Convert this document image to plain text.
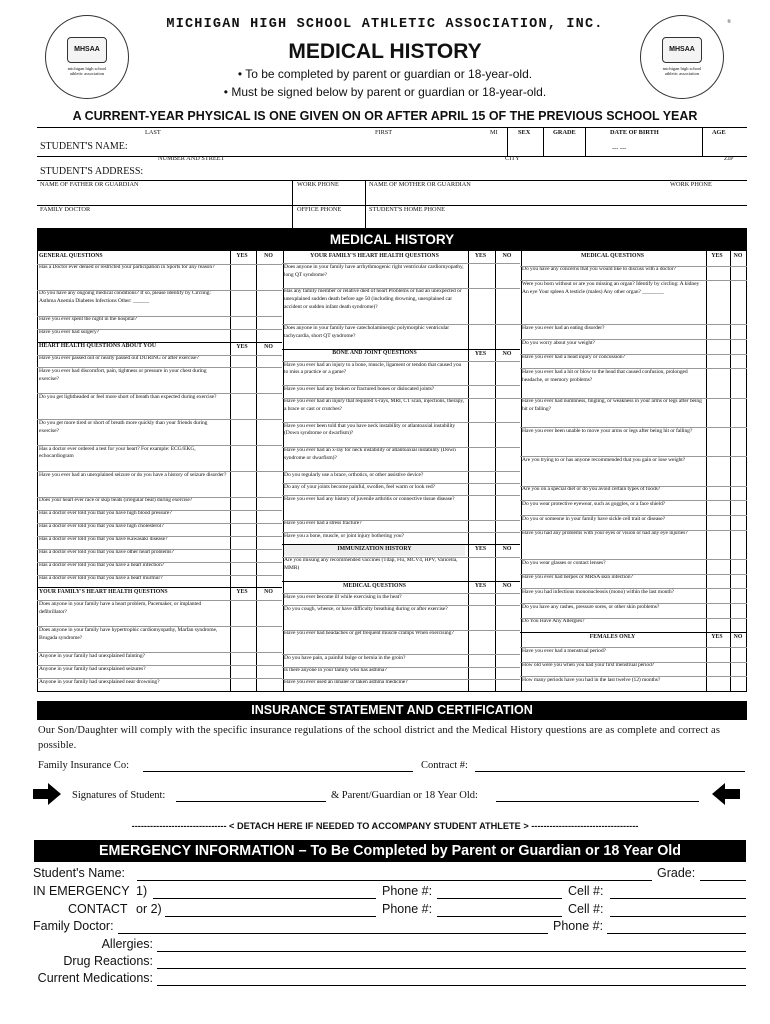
MHSAA
michigan high school athletic association
®
MHSAA
michigan high school athletic association
MICHIGAN HIGH SCHOOL ATHLETIC ASSOCIATION, INC.
MEDICAL HISTORY
• To be completed by parent or guardian or 18-year-old.
• Must be signed below by parent or guardian or 18-year-old.
A CURRENT-YEAR PHYSICAL IS ONE GIVEN ON OR AFTER APRIL 15 OF THE PREVIOUS SCHOOL YEAR
LAST	FIRST	MI	SEX	GRADE	DATE OF BIRTH
--- ---
AGE
STUDENT'S NAME:
NUMBER AND STREET	CITY	ZIP
STUDENT'S ADDRESS:
NAME OF FATHER OR GUARDIAN	WORK PHONE	NAME OF MOTHER OR GUARDIAN	WORK PHONE
FAMILY DOCTOR	OFFICE PHONE	STUDENT'S HOME PHONE
MEDICAL HISTORY
GENERAL QUESTIONS	YES	NO
Has a Doctor ever denied or restricted your participation in Sports for any reason?
Do you have any ongoing medical conditions? If so, please Identify by Circling: Asthma Anemia Diabetes Infections Other: ______
Have you ever spent the night in the hospital?
Have you ever had surgery?
HEART HEALTH QUESTIONS ABOUT YOU	YES	NO
Have you ever passed out or nearly passed out DURING or after exercise?
Have you ever had discomfort, pain, tightness or pressure in your chest during exercise?
Do you get lightheaded or feel more short of breath than expected during exercise?
Do you get more tired or short of breath more quickly than your friends during exercise?
Has a doctor ever ordered a test for your heart? For example: ECG/EKG, echocardiogram
Have you ever had an unexplained seizure or do you have a history of seizure disorder?
Does your heart ever race or skip beats (irregular beat) during exercise?
Has a doctor ever told you that you have high blood pressure?
Has a doctor ever told you that you have high cholesterol?
Has a doctor ever told you that you have Kawasaki disease?
Has a doctor ever told you that you have other heart problems?
Has a doctor ever told you that you have a heart infection?
Has a doctor ever told you that you have a heart murmur?
YOUR FAMILY'S HEART HEALTH QUESTIONS	YES	NO
Does anyone in your family have a heart problem, Pacemaker, or implanted defibrillator?
Does anyone in your family have hypertrophic cardiomyopathy, Marfan syndrome, Brugada syndrome?
Anyone in your family had unexplained fainting?
Anyone in your family had unexplained seizures?
Anyone in your family had unexplained near drowning?
YOUR FAMILY'S HEART HEALTH QUESTIONS	YES	NO
Does anyone in your family have arrhythmogenic right ventricular cardiomyopathy, long QT syndrome?
Has any family member or relative died of heart Problems or had an unexpected or unexplained sudden death before age 50 (including drowning, unexplained car accident or sudden infant death syndrome)?
Does anyone in your family have catecholaminergic polymorphic ventricular tachycardia, short QT syndrome?
BONE AND JOINT QUESTIONS	YES	NO
Have you ever had an injury to a bone, muscle, ligament or tendon that caused you to miss a practice or a game?
Have you ever had any broken or fractured bones or dislocated joints?
Have you ever had an injury that required x-rays, MRI, CT scan, injections, therapy, a brace or cast or crutches?
Have you ever been told that you have neck instability or atlantoaxial instability (Down syndrome or dwarfism)?
Have you ever had an x-ray for neck instability or atlantoaxial instability (Down syndrome or dwarfism)?
Do you regularly use a brace, orthotics, or other assistive device?
Do any of your joints become painful, swollen, feel warm or look red?
Have you ever had any history of juvenile arthritis or connective tissue disease?
Have you ever had a stress fracture?
Have you a bone, muscle, or joint injury bothering you?
IMMUNIZATION HISTORY	YES	NO
Are you missing any recommended vaccines (Tdap, Flu, MCV4, HPV, Varicella, MMR)
MEDICAL QUESTIONS	YES	NO
Have you ever become ill while exercising in the heat?
Do you cough, wheeze, or have difficulty breathing during or after exercise?
Have you ever had headaches or get frequent muscle cramps When exercising?
Do you have pain, a painful bulge or hernia in the groin?
Is there anyone in your family who has asthma?
Have you ever used an inhaler or taken asthma medicine?
MEDICAL QUESTIONS	YES	NO
Do you have any concerns that you would like to discuss with a doctor?
Were you born without or are you missing an organ? Identify by circling: A kidney An eye Your spleen A testicle (males) Any other organ? ________
Have you ever had an eating disorder?
Do you worry about your weight?
Have you ever had a head injury or concussion?
Have you ever had a hit or blow to the head that caused confusion, prolonged headache, or memory problems?
Have you ever had numbness, tingling, or weakness in your arms or legs after being hit or falling?
Have you ever been unable to move your arms or legs after being hit or falling?
Are you trying to or has anyone recommended that you gain or lose weight?
Are you on a special diet or do you avoid certain types of foods?
Do you wear protective eyewear, such as goggles, or a face shield?
Do you or someone in your family have sickle cell trait or disease?
Have you had any problems with your eyes or vision or had any eye injuries?
Do you wear glasses or contact lenses?
Have you ever had herpes or MRSA skin infection?
Have you had infectious mononucleosis (mono) within the last month?
Do you have any rashes, pressure sores, or other skin problems?
Do You Have Any Allergies?
FEMALES ONLY	YES	NO
Have you ever had a menstrual period?
How old were you when you had your first menstrual period?
How many periods have you had in the last twelve (12) months?
INSURANCE STATEMENT AND CERTIFICATION
Our Son/Daughter will comply with the specific insurance regulations of the school district and the Medical History questions are as complete and correct as possible.
Family Insurance Co:	Contract #:
Signatures of Student:	& Parent/Guardian or 18 Year Old:
------------------------------- < DETACH HERE IF NEEDED TO ACCOMPANY STUDENT ATHLETE > -----------------------------------
EMERGENCY INFORMATION – To Be Completed by Parent or Guardian or 18 Year Old
Student's Name:	Grade:
IN EMERGENCY 1)	Phone #:	Cell #:
CONTACT or 2)	Phone #:	Cell #:
Family Doctor:	Phone #:
Allergies:
Drug Reactions:
Current Medications:
